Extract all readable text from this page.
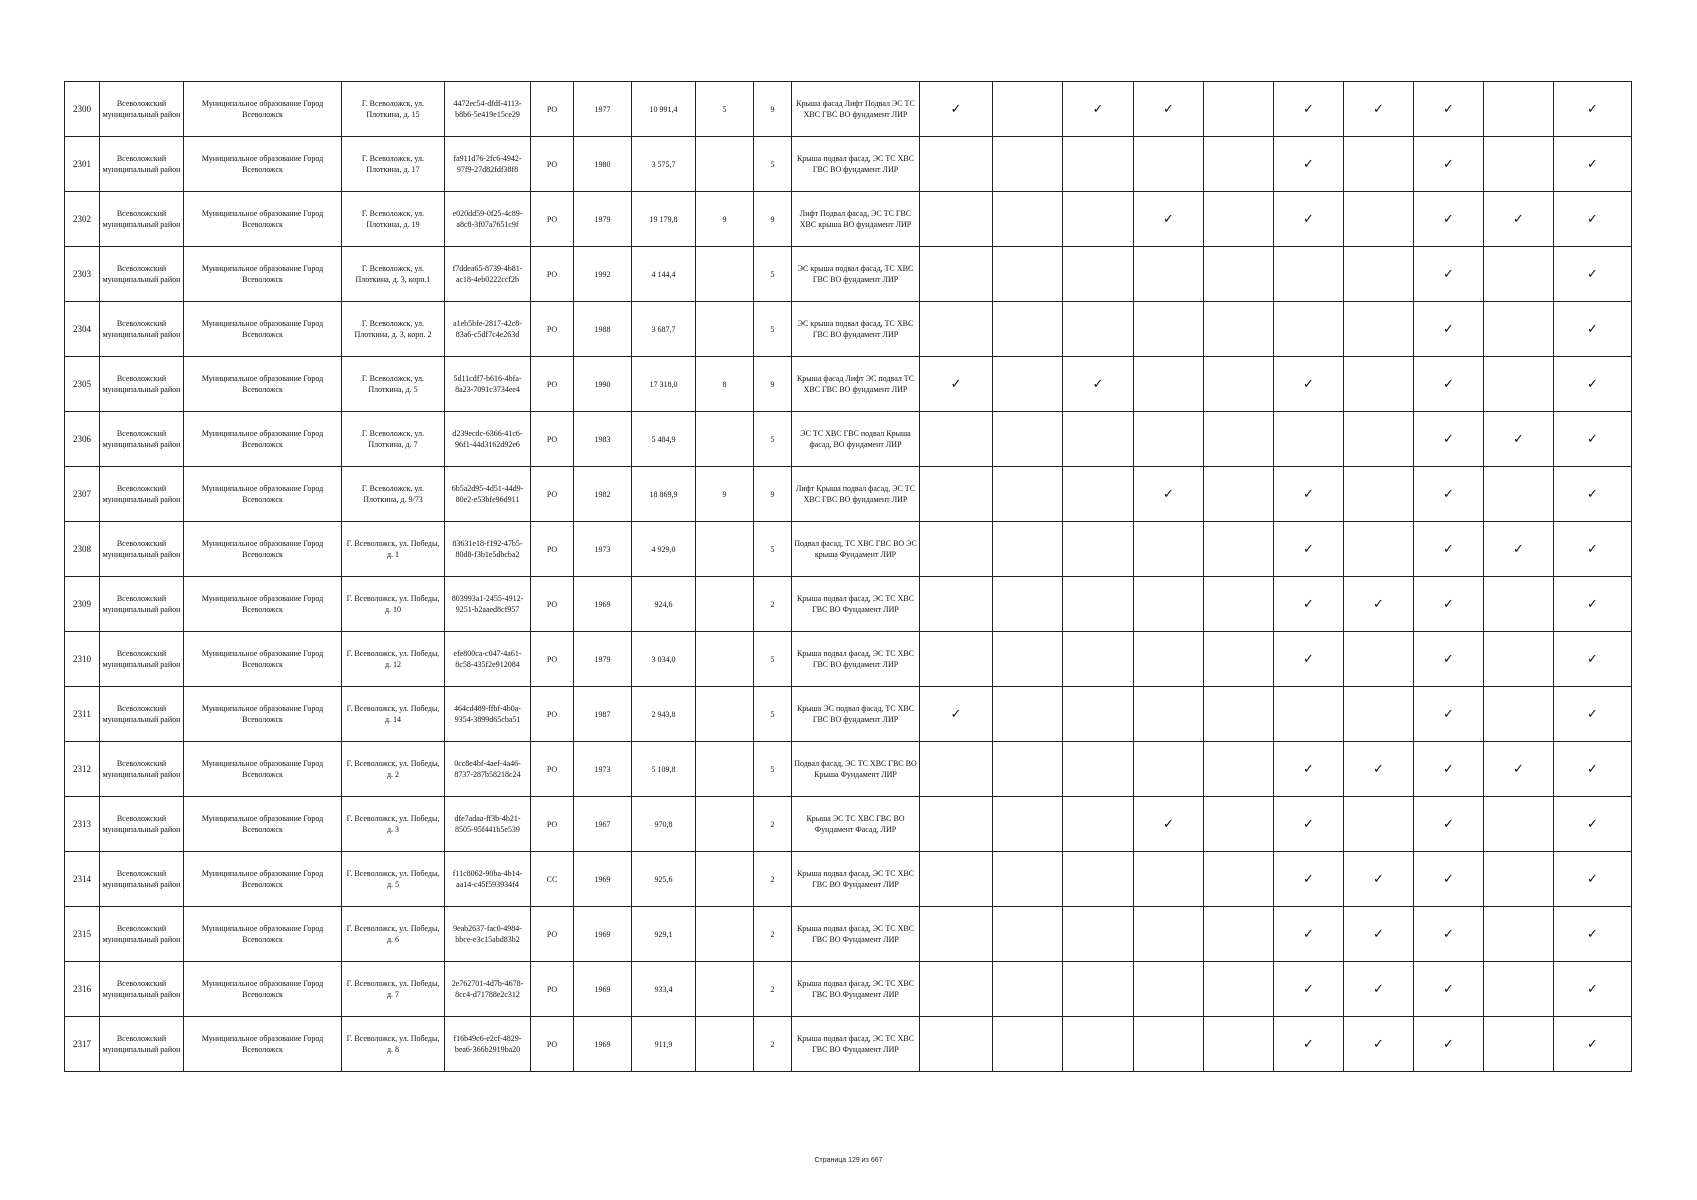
2300	Всеволожский муниципальный район	Муниципальное образование Город Всеволожск	Г. Всеволожск, ул. Плоткина, д. 15	4472ec54-dfdf-4113-b8b6-5e419e15ce29	РО	1977	10 991,4	5	9	Крыша фасад Лифт Подвал ЭС ТС ХВС ГВС ВО фундамент ЛИР	✓		✓	✓		✓	✓	✓		✓
2301	Всеволожский муниципальный район	Муниципальное образование Город Всеволожск	Г. Всеволожск, ул. Плоткина, д. 17	fa911d76-2fc6-4942-97f9-27d82fdf38f8	РО	1980	3 575,7		5	Крыша подвал фасад, ЭС ТС ХВС ГВС ВО фундамент ЛИР						✓		✓		✓
2302	Всеволожский муниципальный район	Муниципальное образование Город Всеволожск	Г. Всеволожск, ул. Плоткина, д. 19	e020dd59-0f25-4c89-a8c8-3f07a7651c9f	РО	1979	19 179,8	9	9	Лифт Подвал фасад, ЭС ТС ГВС ХВС крыша ВО фундамент ЛИР				✓		✓		✓	✓	✓
2303	Всеволожский муниципальный район	Муниципальное образование Город Всеволожск	Г. Всеволожск, ул. Плоткина, д. 3, корп.1	f7ddea65-8739-4b81-ac18-4eb0222ccf2b	РО	1992	4 144,4		5	ЭС крыша подвал фасад, ТС ХВС ГВС ВО фундамент ЛИР								✓		✓
2304	Всеволожский муниципальный район	Муниципальное образование Город Всеволожск	Г. Всеволожск, ул. Плоткина, д. 3, корп. 2	a1eb5bfe-2817-42c8-83a6-c5df7c4e263d	РО	1988	3 687,7		5	ЭС крыша подвал фасад, ТС ХВС ГВС ВО фундамент ЛИР								✓		✓
2305	Всеволожский муниципальный район	Муниципальное образование Город Всеволожск	Г. Всеволожск, ул. Плоткина, д. 5	5d11cdf7-b616-4bfa-8a23-7091c3734ee4	РО	1990	17 318,0	8	9	Крыша фасад Лифт ЭС подвал ТС ХВС ГВС ВО фундамент ЛИР	✓		✓			✓		✓		✓
2306	Всеволожский муниципальный район	Муниципальное образование Город Всеволожск	Г. Всеволожск, ул. Плоткина, д. 7	d239ecdc-6366-41c6-96f1-44d3162d92e6	РО	1983	5 484,9		5	ЭС ТС ХВС ГВС подвал Крыша фасад, ВО фундамент ЛИР								✓	✓	✓
2307	Всеволожский муниципальный район	Муниципальное образование Город Всеволожск	Г. Всеволожск, ул. Плоткина, д. 9/73	6b5a2d95-4d51-44d9-80e2-e53bfe96d911	РО	1982	18 869,9	9	9	Лифт Крыша подвал фасад, ЭС ТС ХВС ГВС ВО фундамент ЛИР				✓		✓		✓		✓
2308	Всеволожский муниципальный район	Муниципальное образование Город Всеволожск	Г. Всеволожск, ул. Победы, д. 1	83631e18-f192-47b5-80d8-f3b1e5dbcba2	РО	1973	4 929,0		5	Подвал фасад, ТС ХВС ГВС ВО ЭС крыша Фундамент ЛИР						✓		✓	✓	✓
2309	Всеволожский муниципальный район	Муниципальное образование Город Всеволожск	Г. Всеволожск, ул. Победы, д. 10	803993a1-2455-4912-9251-b2aaed8cf957	РО	1969	924,6		2	Крыша подвал фасад, ЭС ТС ХВС ГВС ВО Фундамент ЛИР						✓	✓	✓		✓
2310	Всеволожский муниципальный район	Муниципальное образование Город Всеволожск	Г. Всеволожск, ул. Победы, д. 12	efe800ca-c047-4a61-8c58-435f2e912084	РО	1979	3 034,0		5	Крыша подвал фасад, ЭС ТС ХВС ГВС ВО фундамент ЛИР						✓		✓		✓
2311	Всеволожский муниципальный район	Муниципальное образование Город Всеволожск	Г. Всеволожск, ул. Победы, д. 14	464cd489-ffbf-4b0a-9354-3899d65cba51	РО	1987	2 943,8		5	Крыша ЭС подвал фасад, ТС ХВС ГВС ВО фундамент ЛИР	✓							✓		✓
2312	Всеволожский муниципальный район	Муниципальное образование Город Всеволожск	Г. Всеволожск, ул. Победы, д. 2	0cc8e4bf-4aef-4a46-8737-287b58218c24	РО	1973	5 109,8		5	Подвал фасад, ЭС ТС ХВС ГВС ВО Крыша Фундамент ЛИР						✓	✓	✓	✓	✓
2313	Всеволожский муниципальный район	Муниципальное образование Город Всеволожск	Г. Всеволожск, ул. Победы, д. 3	dfe7adaa-ff3b-4b21-8505-95f441b5e539	РО	1967	970,8		2	Крыша ЭС ТС ХВС ГВС ВО Фундамент Фасад, ЛИР				✓		✓		✓		✓
2314	Всеволожский муниципальный район	Муниципальное образование Город Всеволожск	Г. Всеволожск, ул. Победы, д. 5	f11c8062-90ba-4b14-aa14-c45f593934f4	СС	1969	925,6		2	Крыша подвал фасад, ЭС ТС ХВС ГВС ВО Фундамент ЛИР						✓	✓	✓		✓
2315	Всеволожский муниципальный район	Муниципальное образование Город Всеволожск	Г. Всеволожск, ул. Победы, д. 6	9eab2637-fac0-4984-bbce-e3c15abd83b2	РО	1969	929,1		2	Крыша подвал фасад, ЭС ТС ХВС ГВС ВО Фундамент ЛИР						✓	✓	✓		✓
2316	Всеволожский муниципальный район	Муниципальное образование Город Всеволожск	Г. Всеволожск, ул. Победы, д. 7	2e762701-4d7b-4678-8cc4-d71788e2c312	РО	1969	933,4		2	Крыша подвал фасад, ЭС ТС ХВС ГВС ВО Фундамент ЛИР						✓	✓	✓		✓
2317	Всеволожский муниципальный район	Муниципальное образование Город Всеволожск	Г. Всеволожск, ул. Победы, д. 8	f16b49c6-e2cf-4829-bea6-366b2919ba20	РО	1969	911,9		2	Крыша подвал фасад, ЭС ТС ХВС ГВС ВО Фундамент ЛИР						✓	✓	✓		✓
Страница 129 из 667
